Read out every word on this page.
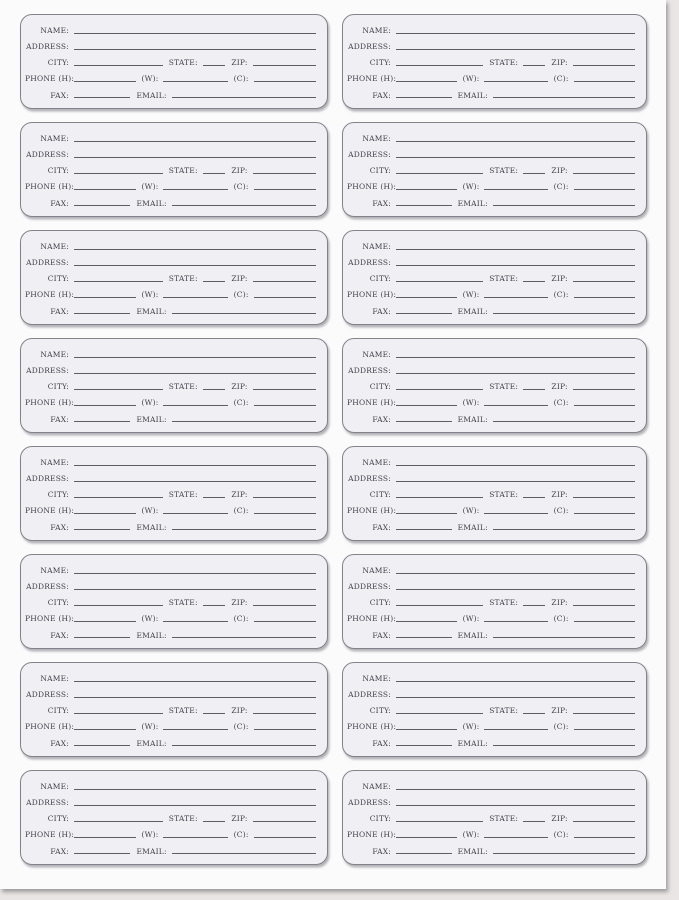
NAME:
ADDRESS:
CITY:	STATE:	ZIP:
PHONE (H):	(W):	(C):
FAX:	EMAIL:
NAME:
ADDRESS:
CITY:	STATE:	ZIP:
PHONE (H):	(W):	(C):
FAX:	EMAIL:
NAME:
ADDRESS:
CITY:	STATE:	ZIP:
PHONE (H):	(W):	(C):
FAX:	EMAIL:
NAME:
ADDRESS:
CITY:	STATE:	ZIP:
PHONE (H):	(W):	(C):
FAX:	EMAIL:
NAME:
ADDRESS:
CITY:	STATE:	ZIP:
PHONE (H):	(W):	(C):
FAX:	EMAIL:
NAME:
ADDRESS:
CITY:	STATE:	ZIP:
PHONE (H):	(W):	(C):
FAX:	EMAIL:
NAME:
ADDRESS:
CITY:	STATE:	ZIP:
PHONE (H):	(W):	(C):
FAX:	EMAIL:
NAME:
ADDRESS:
CITY:	STATE:	ZIP:
PHONE (H):	(W):	(C):
FAX:	EMAIL:
NAME:
ADDRESS:
CITY:	STATE:	ZIP:
PHONE (H):	(W):	(C):
FAX:	EMAIL:
NAME:
ADDRESS:
CITY:	STATE:	ZIP:
PHONE (H):	(W):	(C):
FAX:	EMAIL:
NAME:
ADDRESS:
CITY:	STATE:	ZIP:
PHONE (H):	(W):	(C):
FAX:	EMAIL:
NAME:
ADDRESS:
CITY:	STATE:	ZIP:
PHONE (H):	(W):	(C):
FAX:	EMAIL:
NAME:
ADDRESS:
CITY:	STATE:	ZIP:
PHONE (H):	(W):	(C):
FAX:	EMAIL:
NAME:
ADDRESS:
CITY:	STATE:	ZIP:
PHONE (H):	(W):	(C):
FAX:	EMAIL:
NAME:
ADDRESS:
CITY:	STATE:	ZIP:
PHONE (H):	(W):	(C):
FAX:	EMAIL:
NAME:
ADDRESS:
CITY:	STATE:	ZIP:
PHONE (H):	(W):	(C):
FAX:	EMAIL:
